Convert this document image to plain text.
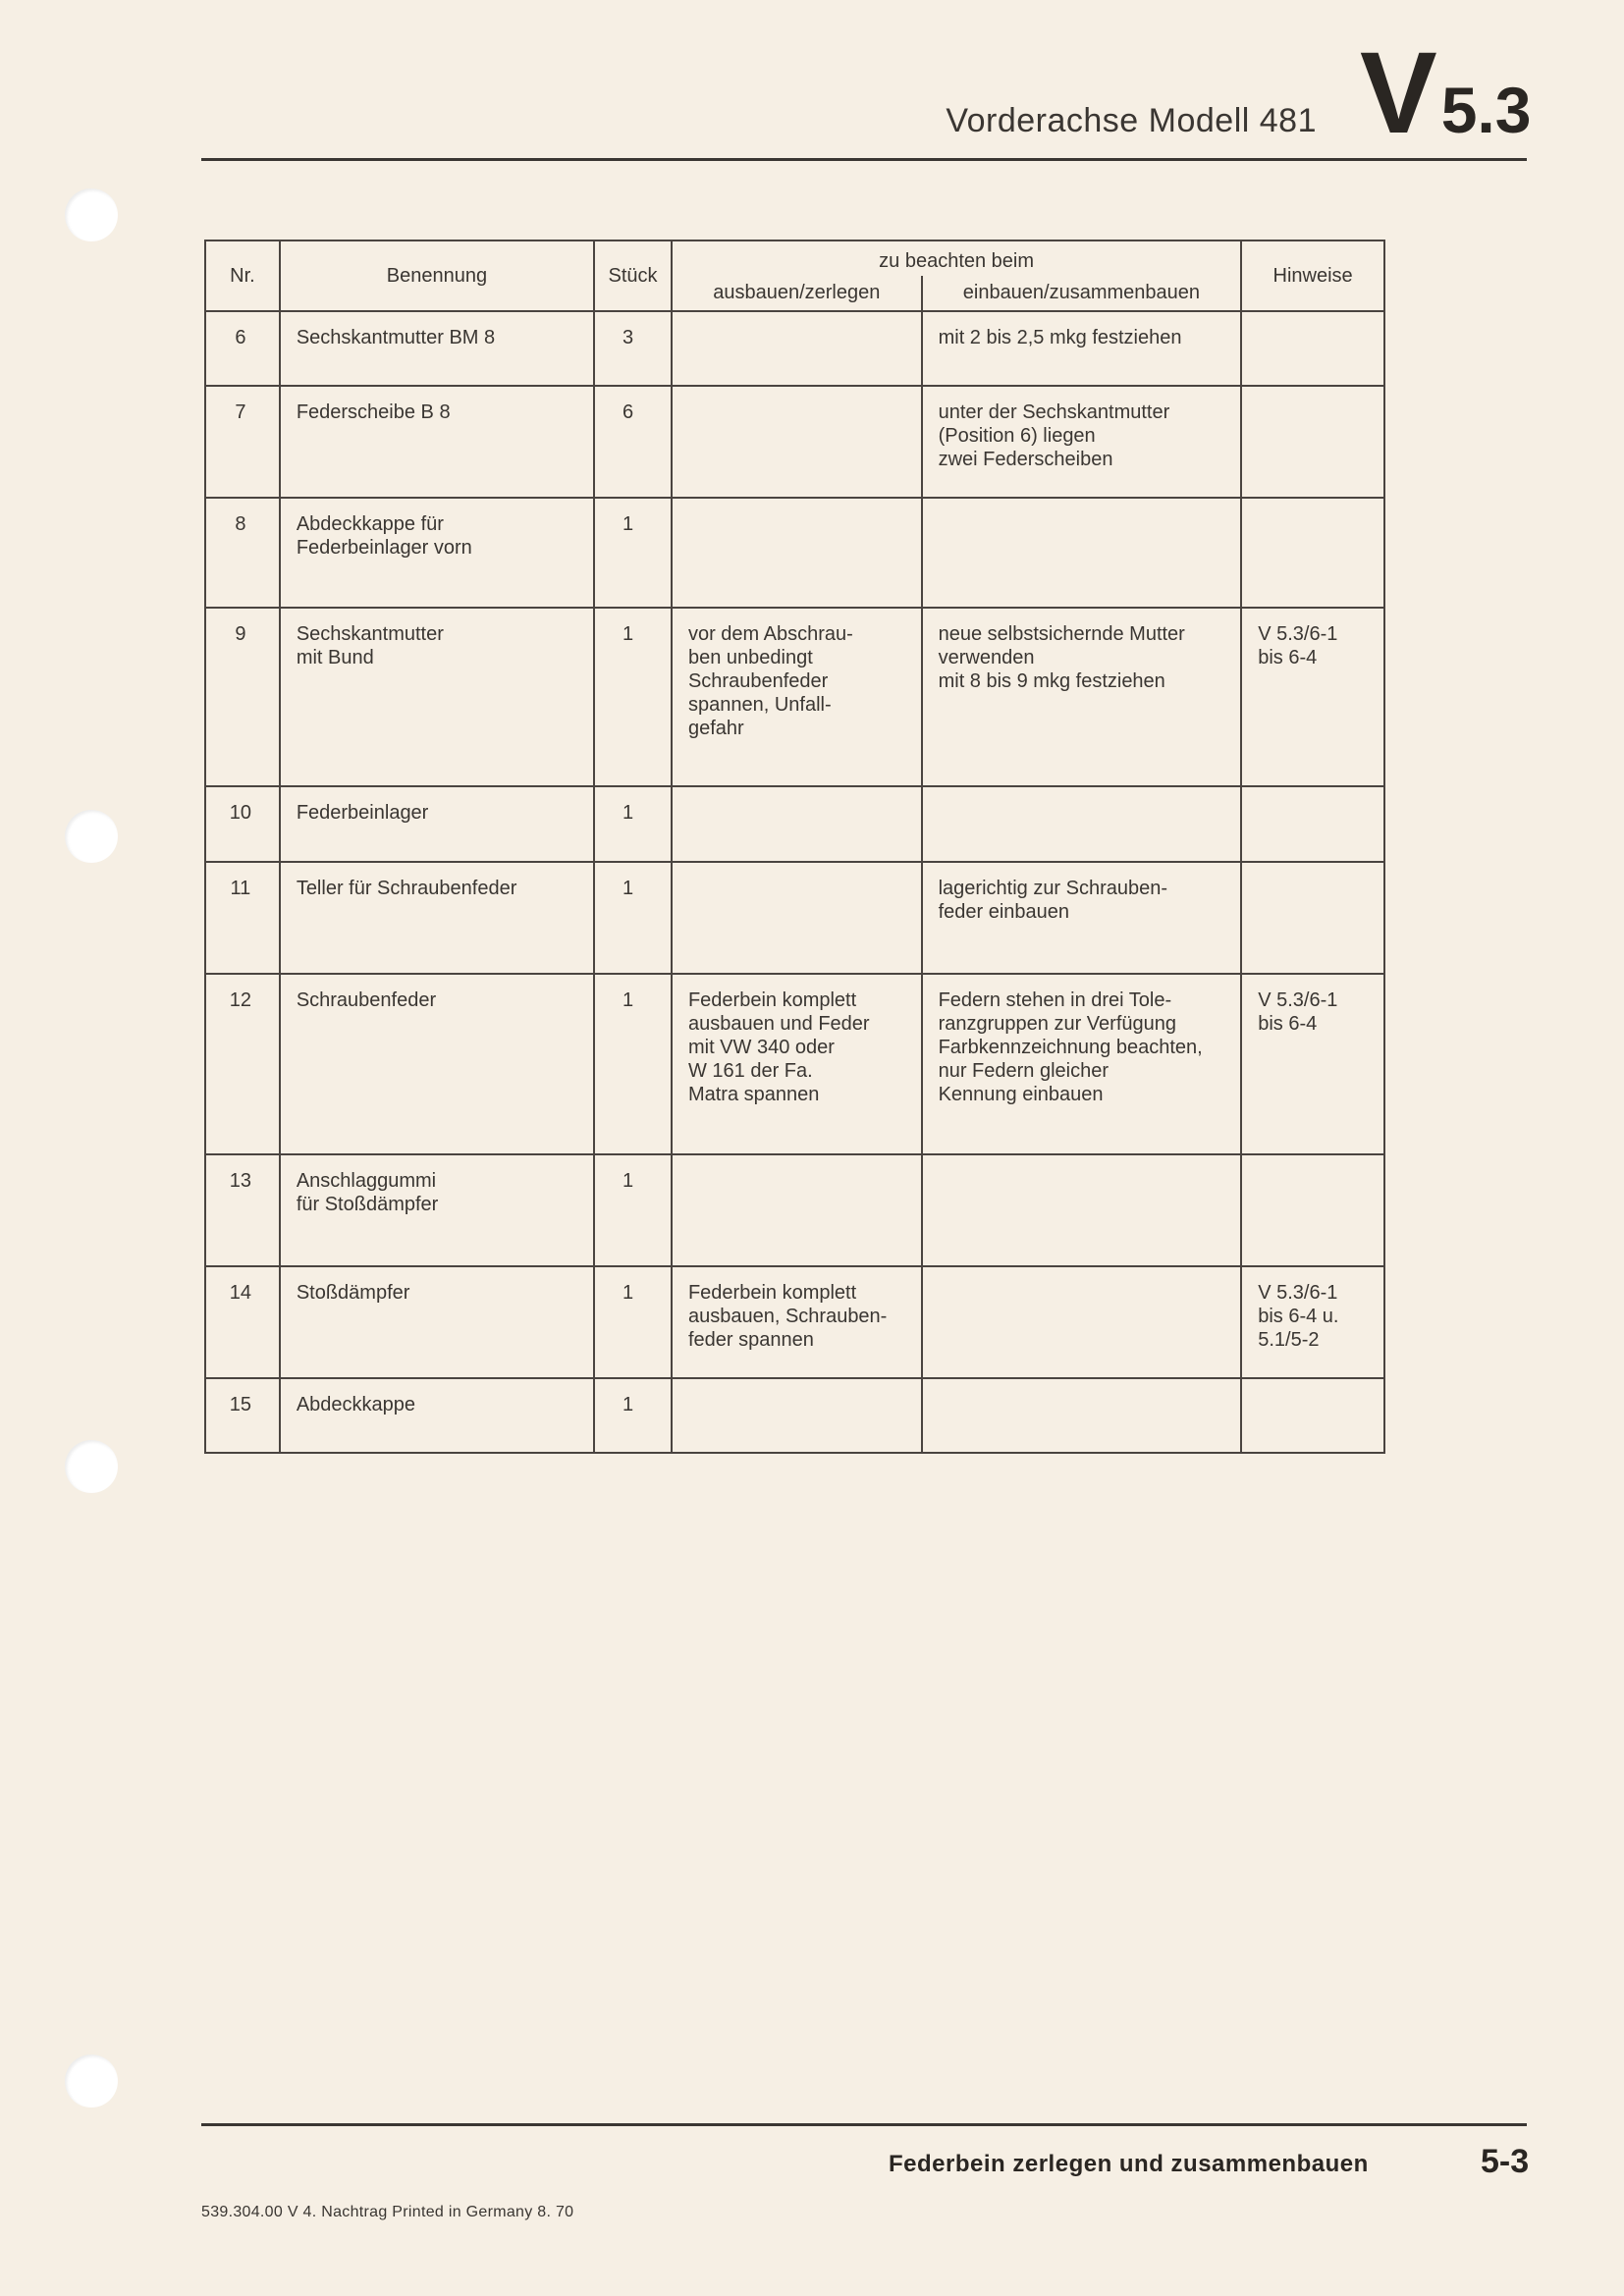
Vorderachse Modell 481 V5.3
Nr.	Benennung	Stück	zu beachten beim		Hinweise
			ausbauen/zerlegen	einbauen/zusammenbauen	
6	Sechskantmutter BM 8	3		mit 2 bis 2,5 mkg festziehen	
7	Federscheibe B 8	6		unter der Sechskantmutter
(Position 6) liegen
zwei Federscheiben	
8	Abdeckkappe für
Federbeinlager vorn	1			
9	Sechskantmutter
mit Bund	1	vor dem Abschrau-
ben unbedingt
Schraubenfeder
spannen, Unfall-
gefahr	neue selbstsichernde Mutter
verwenden
mit 8 bis 9 mkg festziehen	V 5.3/6-1
bis 6-4
10	Federbeinlager	1			
11	Teller für Schraubenfeder	1		lagerichtig zur Schrauben-
feder einbauen	
12	Schraubenfeder	1	Federbein komplett
ausbauen und Feder
mit VW 340 oder
W 161 der Fa.
Matra spannen	Federn stehen in drei Tole-
ranzgruppen zur Verfügung
Farbkennzeichnung beachten,
nur Federn gleicher
Kennung einbauen	V 5.3/6-1
bis 6-4
13	Anschlaggummi
für Stoßdämpfer	1			
14	Stoßdämpfer	1	Federbein komplett
ausbauen, Schrauben-
feder spannen		V 5.3/6-1
bis 6-4 u.
5.1/5-2
15	Abdeckkappe	1			
Federbein zerlegen und zusammenbauen	5-3
539.304.00 V 4. Nachtrag Printed in Germany 8. 70
